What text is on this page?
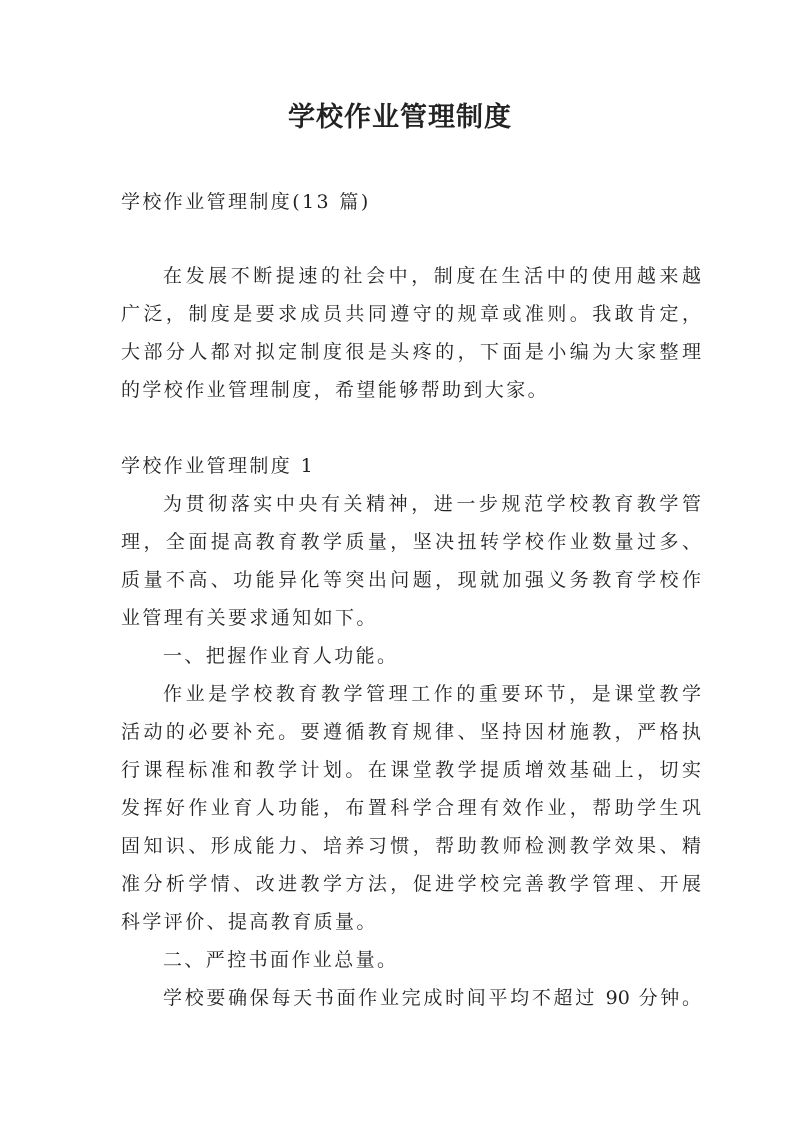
学校作业管理制度

学校作业管理制度(13 篇)

在发展不断提速的社会中，制度在生活中的使用越来越

广泛，制度是要求成员共同遵守的规章或准则。我敢肯定，

大部分人都对拟定制度很是头疼的，下面是小编为大家整理

的学校作业管理制度，希望能够帮助到大家。

学校作业管理制度 1

为贯彻落实中央有关精神，进一步规范学校教育教学管

理，全面提高教育教学质量，坚决扭转学校作业数量过多、

质量不高、功能异化等突出问题，现就加强义务教育学校作

业管理有关要求通知如下。

一、把握作业育人功能。

作业是学校教育教学管理工作的重要环节，是课堂教学

活动的必要补充。要遵循教育规律、坚持因材施教，严格执

行课程标准和教学计划。在课堂教学提质增效基础上，切实

发挥好作业育人功能，布置科学合理有效作业，帮助学生巩

固知识、形成能力、培养习惯，帮助教师检测教学效果、精

准分析学情、改进教学方法，促进学校完善教学管理、开展

科学评价、提高教育质量。

二、严控书面作业总量。

学校要确保每天书面作业完成时间平均不超过 90 分钟。
